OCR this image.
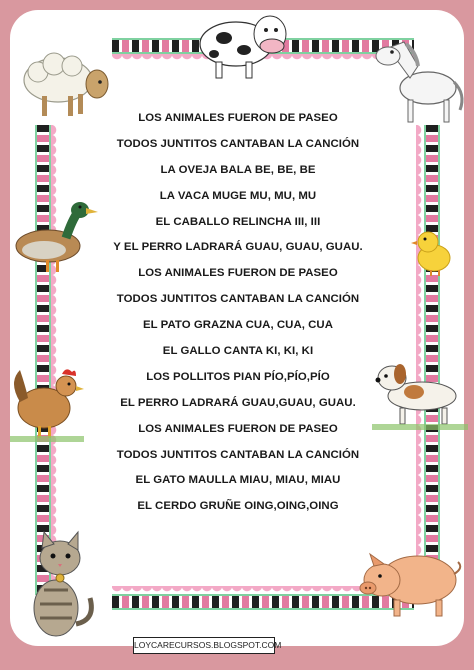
LOS ANIMALES FUERON DE PASEO
TODOS JUNTITOS CANTABAN LA CANCIÓN
LA OVEJA BALA BE, BE, BE
LA VACA MUGE MU, MU, MU
EL CABALLO RELINCHA III, III
Y EL PERRO LADRARÁ GUAU, GUAU, GUAU.
LOS ANIMALES FUERON DE PASEO
TODOS JUNTITOS CANTABAN LA CANCIÓN
EL PATO GRAZNA CUA, CUA, CUA
EL GALLO CANTA KI, KI, KI
LOS POLLITOS PIAN PÍO,PÍO,PÍO
EL PERRO LADRARÁ GUAU,GUAU, GUAU.
LOS ANIMALES FUERON DE PASEO
TODOS JUNTITOS CANTABAN LA CANCIÓN
EL GATO MAULLA MIAU, MIAU, MIAU
EL CERDO GRUÑE OING,OING,OING
LOYCARECURSOS.BLOGSPOT.COM
